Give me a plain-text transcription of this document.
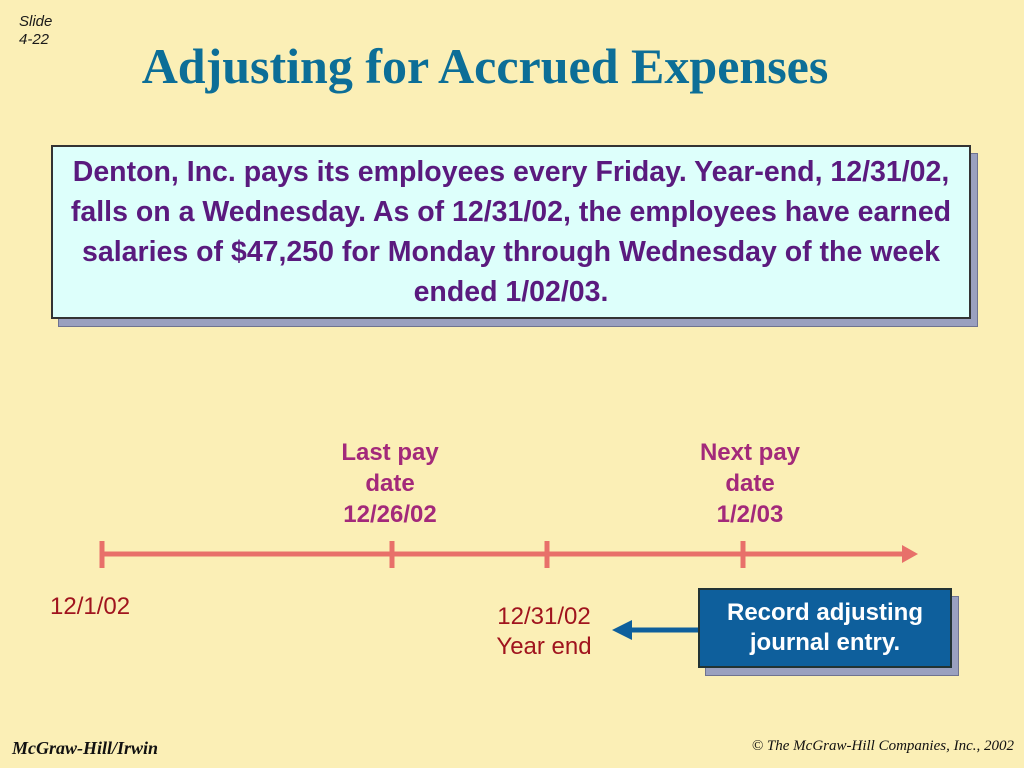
Slide
4-22	Adjusting for Accrued Expenses
Denton, Inc. pays its employees every Friday. Year-end, 12/31/02, falls on a Wednesday. As of 12/31/02, the employees have earned salaries of $47,250 for Monday through Wednesday of the week ended 1/02/03.
Last pay
date
12/26/02
Next pay
date
1/2/03
12/1/02	12/31/02
Year end
Record adjusting
journal entry.
McGraw-Hill/Irwin	© The McGraw-Hill Companies, Inc., 2002
